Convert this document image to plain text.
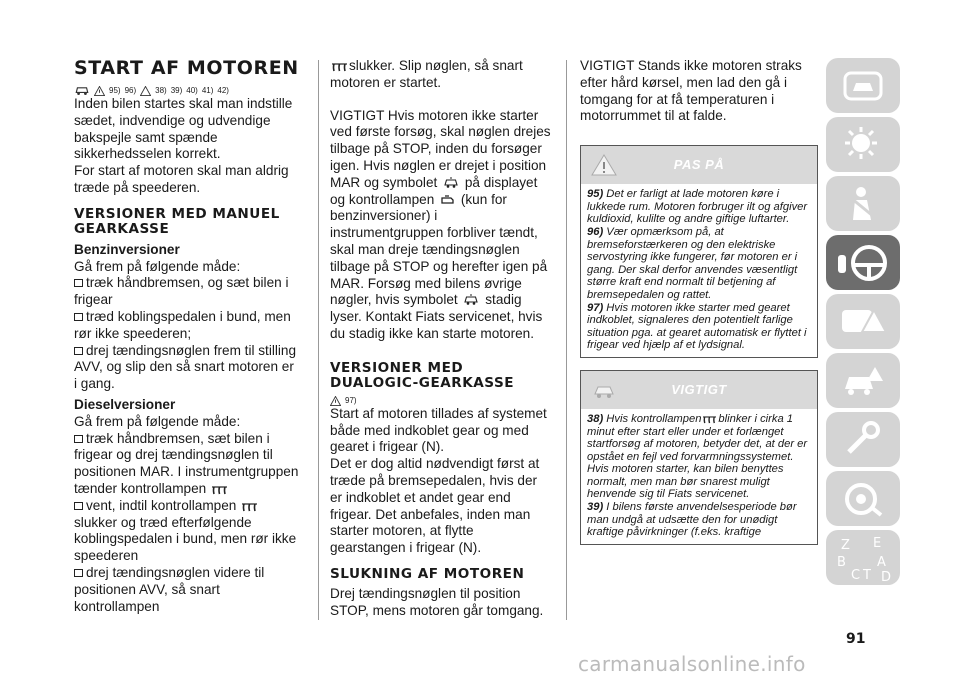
START AF MOTOREN
95) 96) 38) 39) 40) 41) 42)

Inden bilen startes skal man indstille sædet, indvendige og udvendige bakspejle samt spænde sikkerhedsselen korrekt.

For start af motoren skal man aldrig træde på speederen.

VERSIONER MED MANUEL GEARKASSE
Benzinversioner

Gå frem på følgende måde:

træk håndbremsen, og sæt bilen i frigear

træd koblingspedalen i bund, men rør ikke speederen;

drej tændingsnøglen frem til stilling AVV, og slip den så snart motoren er i gang.

Dieselversioner

Gå frem på følgende måde:

træk håndbremsen, sæt bilen i frigear og drej tændingsnøglen til positionen MAR. I instrumentgruppen tænder kontrollampen

vent, indtil kontrollampen slukker og træd efterfølgende koblingspedalen i bund, men rør ikke speederen

drej tændingsnøglen videre til positionen AVV, så snart kontrollampen

slukker. Slip nøglen, så snart motoren er startet.

VIGTIGT Hvis motoren ikke starter ved første forsøg, skal nøglen drejes tilbage på STOP, inden du forsøger igen. Hvis nøglen er drejet i position MAR og symbolet på displayet og kontrollampen (kun for benzinversioner) i instrumentgruppen forbliver tændt, skal man dreje tændingsnøglen tilbage på STOP og herefter igen på MAR. Forsøg med bilens øvrige nøgler, hvis symbolet stadig lyser. Kontakt Fiats servicenet, hvis du stadig ikke kan starte motoren.

VERSIONER MED DUALOGIC-GEARKASSE
97)

Start af motoren tillades af systemet både med indkoblet gear og med gearet i frigear (N).

Det er dog altid nødvendigt først at træde på bremsepedalen, hvis der er indkoblet et andet gear end frigear. Det anbefales, inden man starter motoren, at flytte gearstangen i frigear (N).

SLUKNING AF MOTOREN

Drej tændingsnøglen til position STOP, mens motoren går tomgang.

VIGTIGT Stands ikke motoren straks efter hård kørsel, men lad den gå i tomgang for at få temperaturen i motorrummet til at falde.

PAS PÅ

95) Det er farligt at lade motoren køre i lukkede rum. Motoren forbruger ilt og afgiver kuldioxid, kulilte og andre giftige luftarter.

96) Vær opmærksom på, at bremseforstærkeren og den elektriske servostyring ikke fungerer, før motoren er i gang. Der skal derfor anvendes væsentligt større kraft end normalt til betjening af bremsepedalen og rattet.

97) Hvis motoren ikke starter med gearet indkoblet, signaleres den potentielt farlige situation pga. at gearet automatisk er flyttet i frigear ved hjælp af et lydsignal.

VIGTIGT

38) Hvis kontrollampen blinker i cirka 1 minut efter start eller under et forlænget startforsøg af motoren, betyder det, at der er opstået en fejl ved forvarmningssystemet. Hvis motoren starter, kan bilen benyttes normalt, men man bør snarest muligt henvende sig til Fiats servicenet.

39) I bilens første anvendelsesperiode bør man undgå at udsætte den for unødigt kraftige påvirkninger (f.eks. kraftige

Z E
B
C
A
T D
91
carmanualsonline.info
